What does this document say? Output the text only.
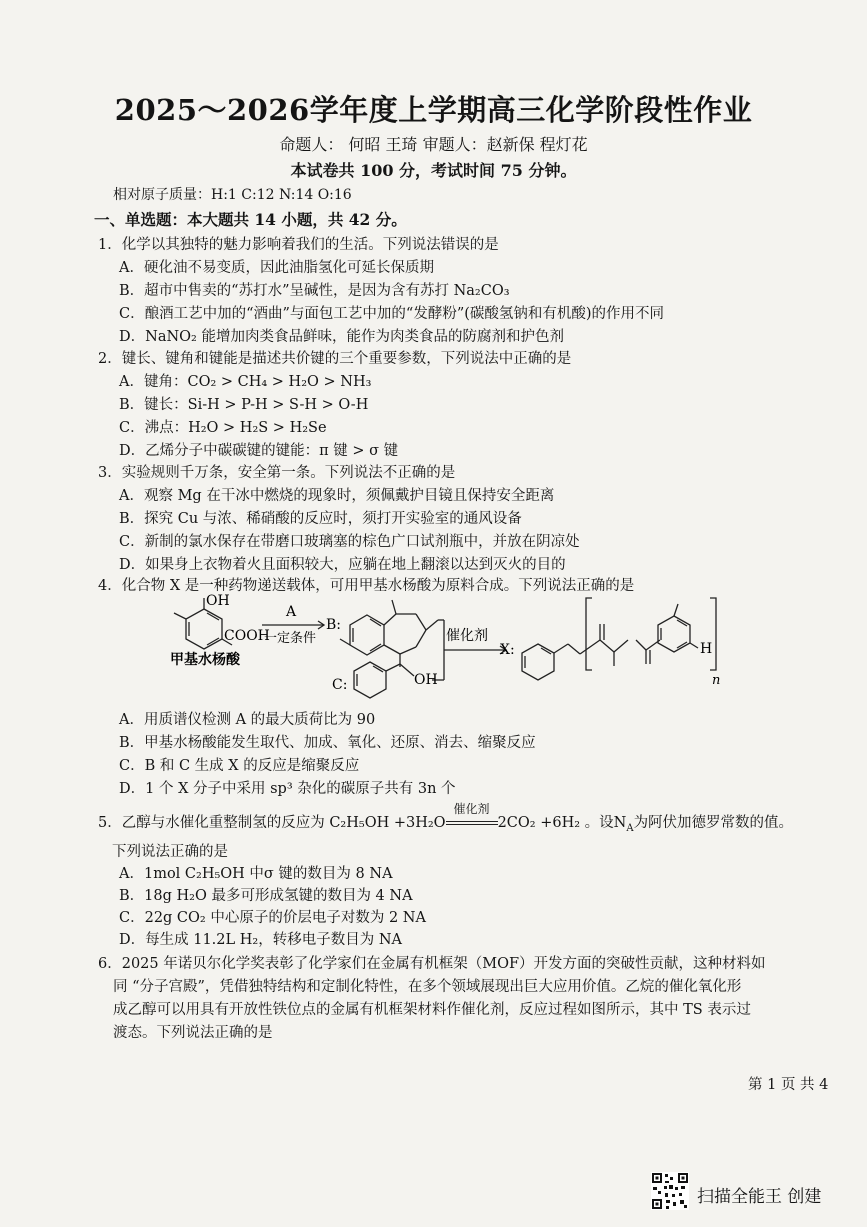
2025～2026学年度上学期高三化学阶段性作业
命题人： 何昭 王琦 审题人：赵新保 程灯花
本试卷共 100 分，考试时间 75 分钟。
相对原子质量：H:1 C:12 N:14 O:16
一、单选题：本大题共 14 小题，共 42 分。
1．化学以其独特的魅力影响着我们的生活。下列说法错误的是
A．硬化油不易变质，因此油脂氢化可延长保质期
B．超市中售卖的“苏打水”呈碱性，是因为含有苏打 Na₂CO₃
C．酿酒工艺中加的“酒曲”与面包工艺中加的“发酵粉”(碳酸氢钠和有机酸)的作用不同
D．NaNO₂ 能增加肉类食品鲜味，能作为肉类食品的防腐剂和护色剂
2．键长、键角和键能是描述共价键的三个重要参数，下列说法中正确的是
A．键角：CO₂ > CH₄ > H₂O > NH₃
B．键长：Si-H > P-H > S-H > O-H
C．沸点：H₂O > H₂S > H₂Se
D．乙烯分子中碳碳键的键能：π 键 > σ 键
3．实验规则千万条，安全第一条。下列说法不正确的是
A．观察 Mg 在干冰中燃烧的现象时，须佩戴护目镜且保持安全距离
B．探究 Cu 与浓、稀硝酸的反应时，须打开实验室的通风设备
C．新制的氯水保存在带磨口玻璃塞的棕色广口试剂瓶中，并放在阴凉处
D．如果身上衣物着火且面积较大，应躺在地上翻滚以达到灭火的目的
4．化合物 X 是一种药物递送载体，可用甲基水杨酸为原料合成。下列说法正确的是
OH
COOH
甲基水杨酸
A
一定条件
B:
C:	OH
催化剂
X:	H
n
A．用质谱仪检测 A 的最大质荷比为 90
B．甲基水杨酸能发生取代、加成、氧化、还原、消去、缩聚反应
C．B 和 C 生成 X 的反应是缩聚反应
D．1 个 X 分子中采用 sp³ 杂化的碳原子共有 3n 个
5．乙醇与水催化重整制氢的反应为 C₂H₅OH +3H₂O
催化剂
2CO₂ +6H₂ 。设$N_A$为阿伏加德罗常数的值。
下列说法正确的是
A．1mol C₂H₅OH 中σ 键的数目为 8 NA
B．18g H₂O 最多可形成氢键的数目为 4 NA
C．22g CO₂ 中心原子的价层电子对数为 2 NA
D．每生成 11.2L H₂，转移电子数目为 NA
6．2025 年诺贝尔化学奖表彰了化学家们在金属有机框架（MOF）开发方面的突破性贡献，这种材料如
同 “分子宫殿”，凭借独特结构和定制化特性，在多个领域展现出巨大应用价值。乙烷的催化氧化形
成乙醇可以用具有开放性铁位点的金属有机框架材料作催化剂，反应过程如图所示，其中 TS 表示过
渡态。下列说法正确的是
第 1 页 共 4
扫描全能王 创建
